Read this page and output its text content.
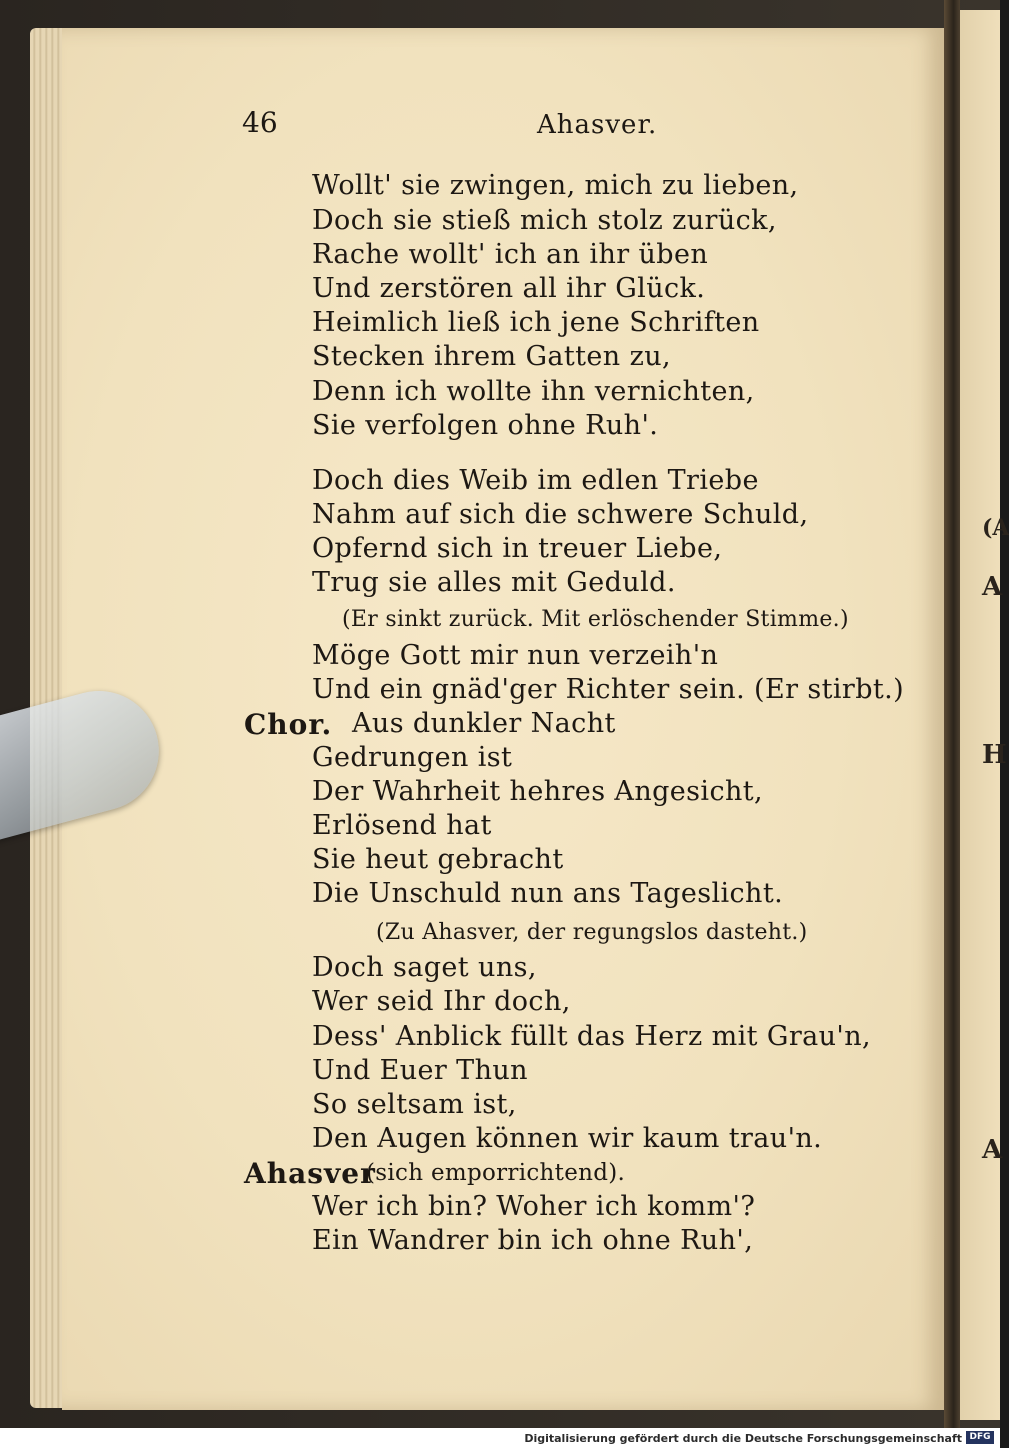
(A
A
H
A
46	Ahasver.
Wollt' sie zwingen, mich zu lieben,
Doch sie stieß mich stolz zurück,
Rache wollt' ich an ihr üben
Und zerstören all ihr Glück.
Heimlich ließ ich jene Schriften
Stecken ihrem Gatten zu,
Denn ich wollte ihn vernichten,
Sie verfolgen ohne Ruh'.
Doch dies Weib im edlen Triebe
Nahm auf sich die schwere Schuld,
Opfernd sich in treuer Liebe,
Trug sie alles mit Geduld.
(Er sinkt zurück. Mit erlöschender Stimme.)
Möge Gott mir nun verzeih'n
Und ein gnäd'ger Richter sein. (Er stirbt.)
Chor. Aus dunkler Nacht
Gedrungen ist
Der Wahrheit hehres Angesicht,
Erlösend hat
Sie heut gebracht
Die Unschuld nun ans Tageslicht.
(Zu Ahasver, der regungslos dasteht.)
Doch saget uns,
Wer seid Ihr doch,
Dess' Anblick füllt das Herz mit Grau'n,
Und Euer Thun
So seltsam ist,
Den Augen können wir kaum trau'n.
Ahasver
(sich emporrichtend).
Wer ich bin? Woher ich komm'?
Ein Wandrer bin ich ohne Ruh',
Digitalisierung gefördert durch die Deutsche Forschungsgemeinschaft DFG
